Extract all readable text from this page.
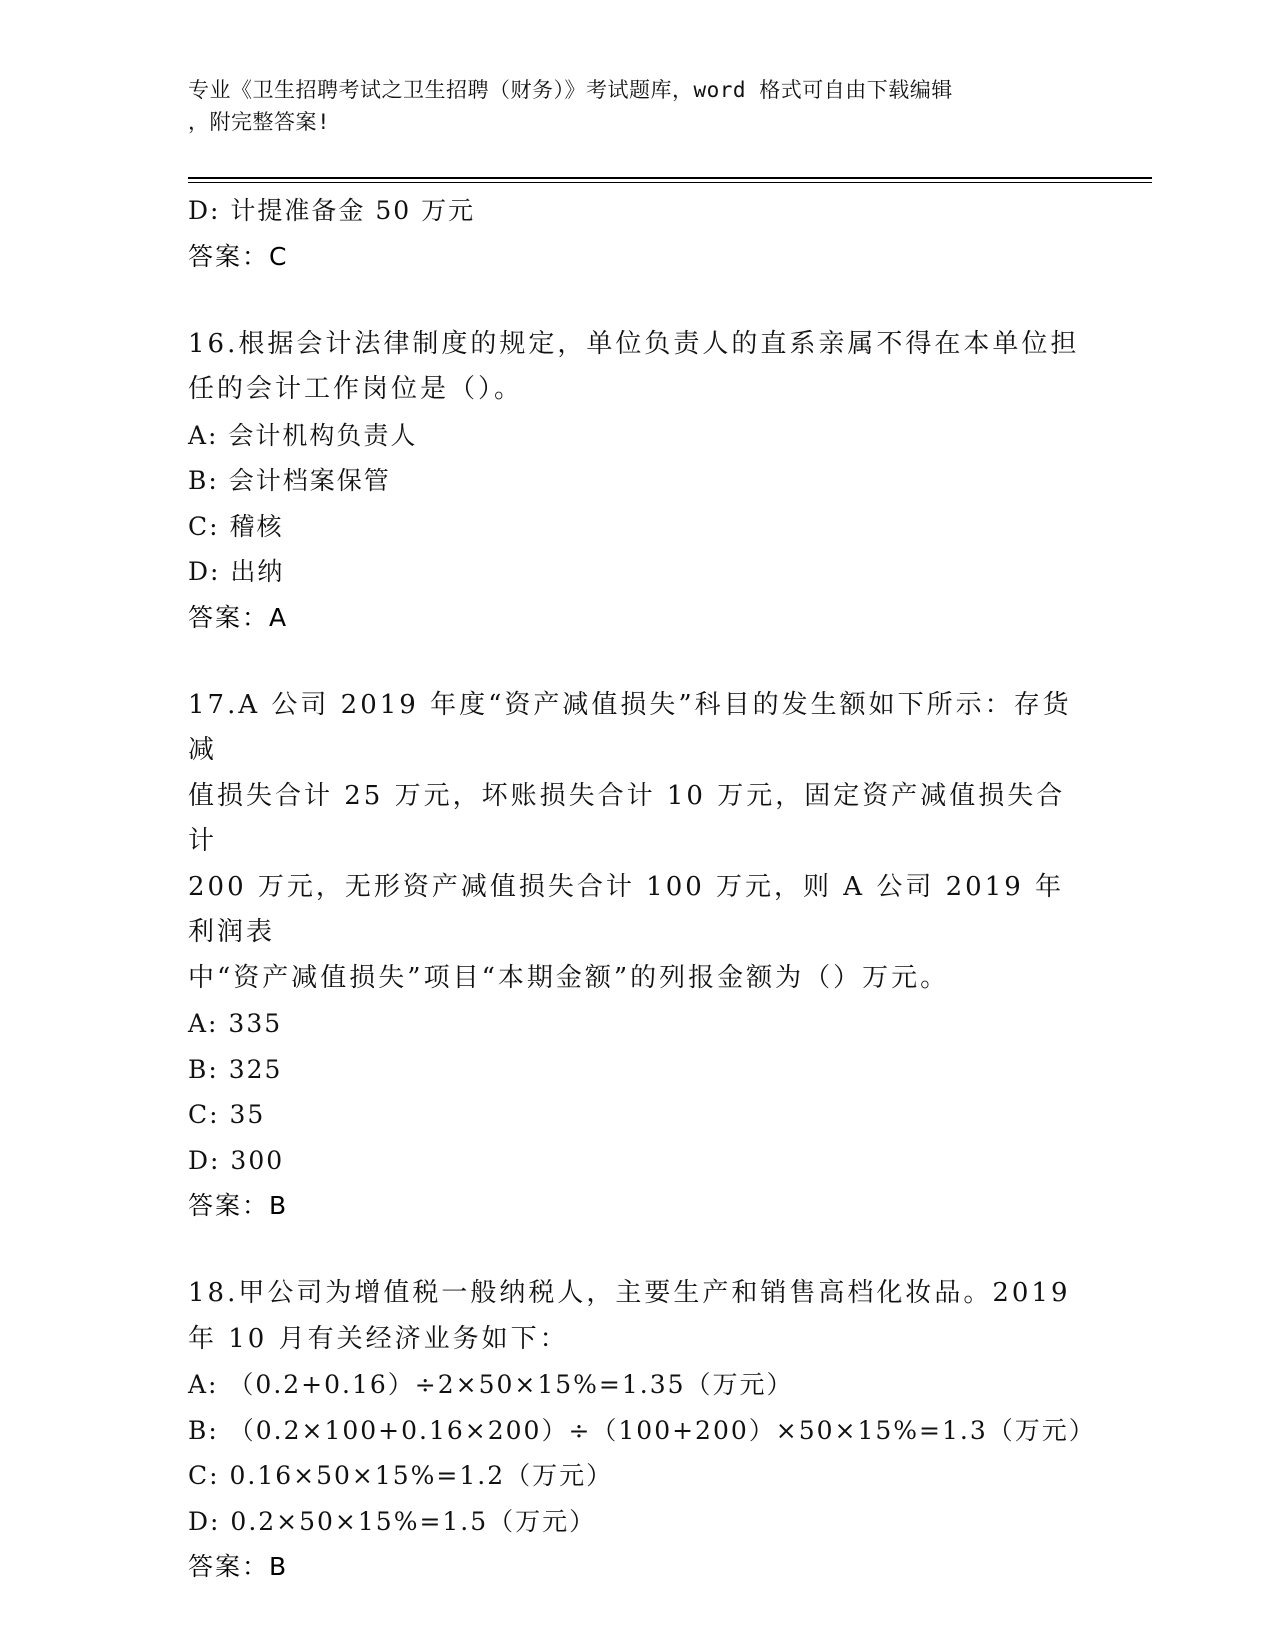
专业《卫生招聘考试之卫生招聘（财务）》考试题库，word 格式可自由下载编辑
，附完整答案!
D: 计提准备金 50 万元
答案：C
16.根据会计法律制度的规定，单位负责人的直系亲属不得在本单位担
任的会计工作岗位是（）。
A: 会计机构负责人
B: 会计档案保管
C: 稽核
D: 出纳
答案：A
17.A 公司 2019 年度“资产减值损失”科目的发生额如下所示：存货减
值损失合计 25 万元，坏账损失合计 10 万元，固定资产减值损失合计
200 万元，无形资产减值损失合计 100 万元，则 A 公司 2019 年利润表
中“资产减值损失”项目“本期金额”的列报金额为（）万元。
A: 335
B: 325
C: 35
D: 300
答案：B
18.甲公司为增值税一般纳税人，主要生产和销售高档化妆品。2019
年 10 月有关经济业务如下：
A: （0.2+0.16）÷2×50×15%=1.35（万元）
B: （0.2×100+0.16×200）÷（100+200）×50×15%=1.3（万元）
C: 0.16×50×15%=1.2（万元）
D: 0.2×50×15%=1.5（万元）
答案：B
